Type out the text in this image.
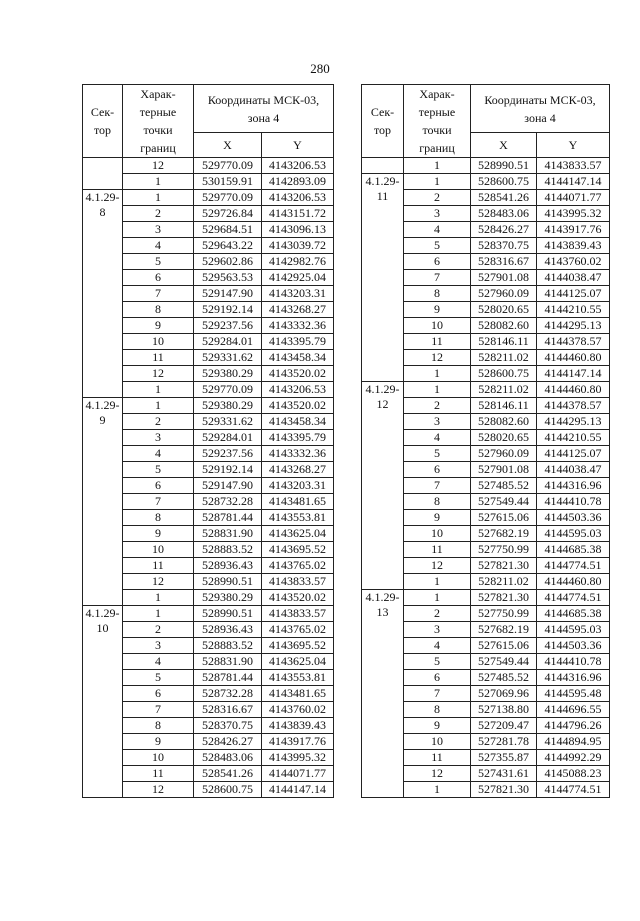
280
Сек-тор	Харак-терные точки границ	Координаты МСК-03, зона 4	
		X	Y
	12	529770.09	4143206.53
	1	530159.91	4142893.09

4.1.29-
8	1	529770.09	4143206.53
	2	529726.84	4143151.72
	3	529684.51	4143096.13
	4	529643.22	4143039.72
	5	529602.86	4142982.76
	6	529563.53	4142925.04
	7	529147.90	4143203.31
	8	529192.14	4143268.27
	9	529237.56	4143332.36
	10	529284.01	4143395.79
	11	529331.62	4143458.34
	12	529380.29	4143520.02
	1	529770.09	4143206.53

4.1.29-
9	1	529380.29	4143520.02
	2	529331.62	4143458.34
	3	529284.01	4143395.79
	4	529237.56	4143332.36
	5	529192.14	4143268.27
	6	529147.90	4143203.31
	7	528732.28	4143481.65
	8	528781.44	4143553.81
	9	528831.90	4143625.04
	10	528883.52	4143695.52
	11	528936.43	4143765.02
	12	528990.51	4143833.57
	1	529380.29	4143520.02

4.1.29-
10	1	528990.51	4143833.57
	2	528936.43	4143765.02
	3	528883.52	4143695.52
	4	528831.90	4143625.04
	5	528781.44	4143553.81
	6	528732.28	4143481.65
	7	528316.67	4143760.02
	8	528370.75	4143839.43
	9	528426.27	4143917.76
	10	528483.06	4143995.32
	11	528541.26	4144071.77
	12	528600.75	4144147.14
Сек-тор	Харак-терные точки границ	Координаты МСК-03, зона 4	
		X	Y
	1	528990.51	4143833.57

4.1.29-
11	1	528600.75	4144147.14
	2	528541.26	4144071.77
	3	528483.06	4143995.32
	4	528426.27	4143917.76
	5	528370.75	4143839.43
	6	528316.67	4143760.02
	7	527901.08	4144038.47
	8	527960.09	4144125.07
	9	528020.65	4144210.55
	10	528082.60	4144295.13
	11	528146.11	4144378.57
	12	528211.02	4144460.80
	1	528600.75	4144147.14

4.1.29-
12	1	528211.02	4144460.80
	2	528146.11	4144378.57
	3	528082.60	4144295.13
	4	528020.65	4144210.55
	5	527960.09	4144125.07
	6	527901.08	4144038.47
	7	527485.52	4144316.96
	8	527549.44	4144410.78
	9	527615.06	4144503.36
	10	527682.19	4144595.03
	11	527750.99	4144685.38
	12	527821.30	4144774.51
	1	528211.02	4144460.80

4.1.29-
13	1	527821.30	4144774.51
	2	527750.99	4144685.38
	3	527682.19	4144595.03
	4	527615.06	4144503.36
	5	527549.44	4144410.78
	6	527485.52	4144316.96
	7	527069.96	4144595.48
	8	527138.80	4144696.55
	9	527209.47	4144796.26
	10	527281.78	4144894.95
	11	527355.87	4144992.29
	12	527431.61	4145088.23
	1	527821.30	4144774.51
